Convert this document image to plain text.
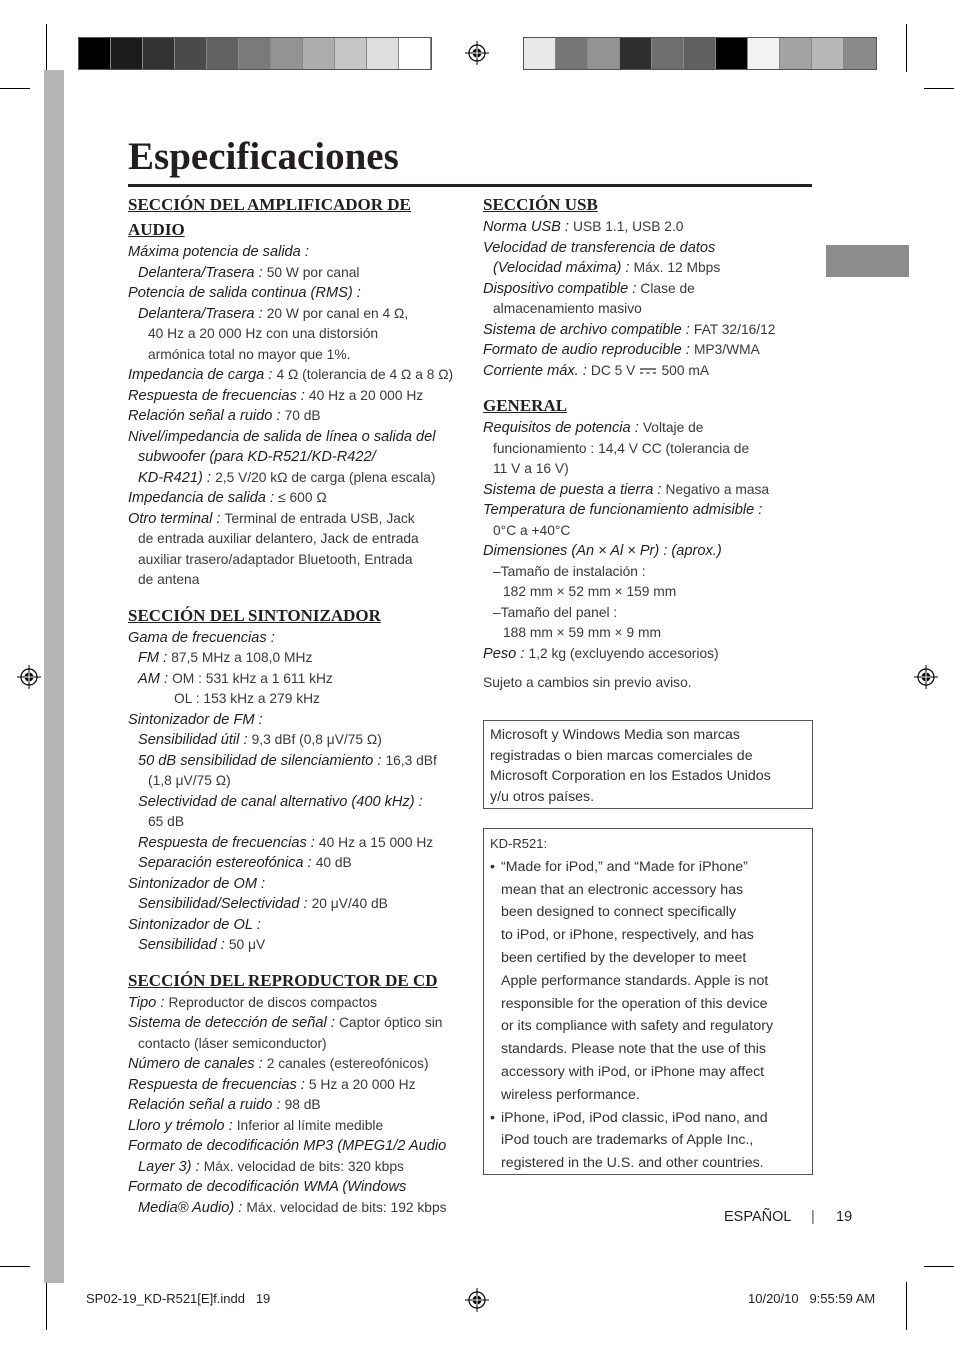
Especificaciones

SECCIÓN DEL AMPLIFICADOR DE AUDIO

Máxima potencia de salida :

Delantera/Trasera : 50 W por canal

Potencia de salida continua (RMS) :

Delantera/Trasera : 20 W por canal en 4 Ω,

40 Hz a 20 000 Hz con una distorsión

armónica total no mayor que 1%.

Impedancia de carga : 4 Ω (tolerancia de 4 Ω a 8 Ω)

Respuesta de frecuencias : 40 Hz a 20 000 Hz

Relación señal a ruido : 70 dB

Nivel/impedancia de salida de línea o salida del

subwoofer (para KD-R521/KD-R422/

KD-R421) : 2,5 V/20 kΩ de carga (plena escala)

Impedancia de salida : ≤ 600 Ω

Otro terminal : Terminal de entrada USB, Jack

de entrada auxiliar delantero, Jack de entrada

auxiliar trasero/adaptador Bluetooth, Entrada

de antena

SECCIÓN DEL SINTONIZADOR

Gama de frecuencias :

FM : 87,5 MHz a 108,0 MHz

AM : OM : 531 kHz a 1 611 kHz

OL : 153 kHz a 279 kHz

Sintonizador de FM :

Sensibilidad útil : 9,3 dBf (0,8 μV/75 Ω)

50 dB sensibilidad de silenciamiento : 16,3 dBf

(1,8 μV/75 Ω)

Selectividad de canal alternativo (400 kHz) :

65 dB

Respuesta de frecuencias : 40 Hz a 15 000 Hz

Separación estereofónica : 40 dB

Sintonizador de OM :

Sensibilidad/Selectividad : 20 μV/40 dB

Sintonizador de OL :

Sensibilidad : 50 μV

SECCIÓN DEL REPRODUCTOR DE CD

Tipo : Reproductor de discos compactos

Sistema de detección de señal : Captor óptico sin

contacto (láser semiconductor)

Número de canales : 2 canales (estereofónicos)

Respuesta de frecuencias : 5 Hz a 20 000 Hz

Relación señal a ruido : 98 dB

Lloro y trémolo : Inferior al límite medible

Formato de decodificación MP3 (MPEG1/2 Audio

Layer 3) : Máx. velocidad de bits: 320 kbps

Formato de decodificación WMA (Windows

Media® Audio) : Máx. velocidad de bits: 192 kbps

SECCIÓN USB

Norma USB : USB 1.1, USB 2.0

Velocidad de transferencia de datos

(Velocidad máxima) : Máx. 12 Mbps

Dispositivo compatible : Clase de

almacenamiento masivo

Sistema de archivo compatible : FAT 32/16/12

Formato de audio reproducible : MP3/WMA

Corriente máx. : DC 5 V 500 mA

GENERAL

Requisitos de potencia : Voltaje de

funcionamiento : 14,4 V CC (tolerancia de

11 V a 16 V)

Sistema de puesta a tierra : Negativo a masa

Temperatura de funcionamiento admisible :

0°C a +40°C

Dimensiones (An × Al × Pr) : (aprox.)

–Tamaño de instalación :

182 mm × 52 mm × 159 mm

–Tamaño del panel :

188 mm × 59 mm × 9 mm

Peso : 1,2 kg (excluyendo accesorios)

Sujeto a cambios sin previo aviso.

Microsoft y Windows Media son marcas

registradas o bien marcas comerciales de

Microsoft Corporation en los Estados Unidos

y/u otros países.

KD-R521:

• “Made for iPod,” and “Made for iPhone”

mean that an electronic accessory has

been designed to connect specifically

to iPod, or iPhone, respectively, and has

been certified by the developer to meet

Apple performance standards. Apple is not

responsible for the operation of this device

or its compliance with safety and regulatory

standards. Please note that the use of this

accessory with iPod, or iPhone may affect

wireless performance.

• iPhone, iPod, iPod classic, iPod nano, and

iPod touch are trademarks of Apple Inc.,

registered in the U.S. and other countries.

ESPAÑOL | 19
SP02-19_KD-R521[E]f.indd   19	10/20/10   9:55:59 AM
